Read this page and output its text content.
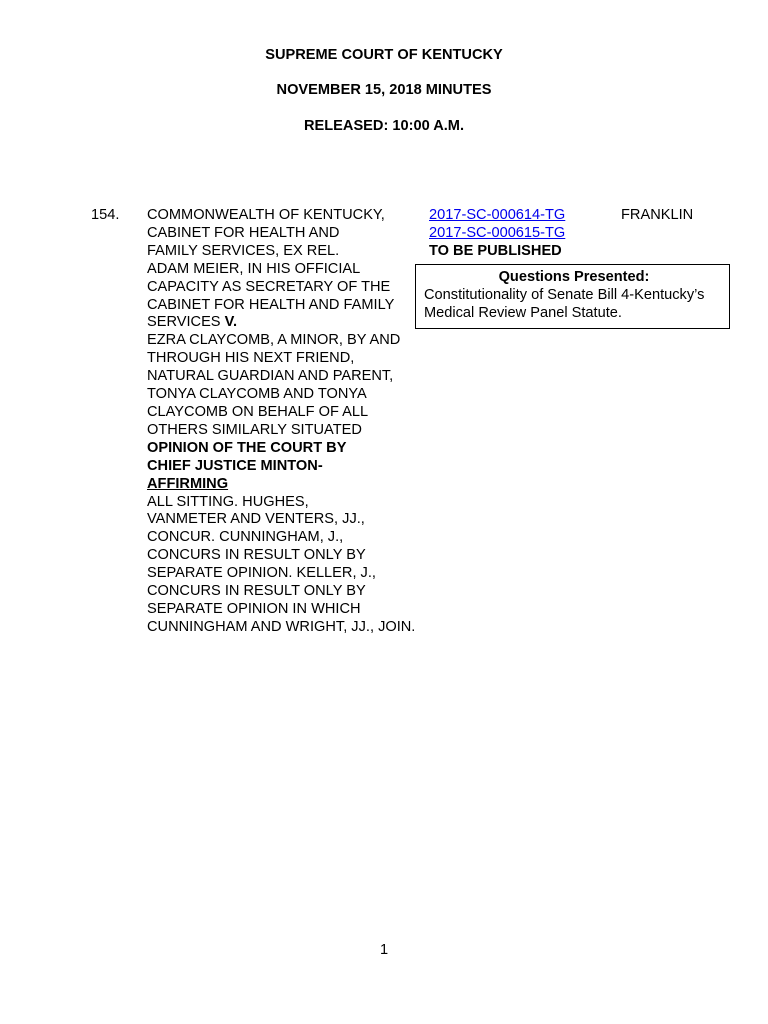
SUPREME COURT OF KENTUCKY
NOVEMBER 15, 2018 MINUTES
RELEASED: 10:00 A.M.
154. COMMONWEALTH OF KENTUCKY,
CABINET FOR HEALTH AND
FAMILY SERVICES, EX REL.
ADAM MEIER, IN HIS OFFICIAL
CAPACITY AS SECRETARY OF THE
CABINET FOR HEALTH AND FAMILY
SERVICES V.
EZRA CLAYCOMB, A MINOR, BY AND
THROUGH HIS NEXT FRIEND,
NATURAL GUARDIAN AND PARENT,
TONYA CLAYCOMB AND TONYA
CLAYCOMB ON BEHALF OF ALL
OTHERS SIMILARLY SITUATED
OPINION OF THE COURT BY
CHIEF JUSTICE MINTON-
AFFIRMING
ALL SITTING. HUGHES,
VANMETER AND VENTERS, JJ.,
CONCUR. CUNNINGHAM, J.,
CONCURS IN RESULT ONLY BY
SEPARATE OPINION. KELLER, J.,
CONCURS IN RESULT ONLY BY
SEPARATE OPINION IN WHICH
CUNNINGHAM AND WRIGHT, JJ., JOIN.
2017-SC-000614-TG
2017-SC-000615-TG
TO BE PUBLISHED
FRANKLIN
Questions Presented:
Constitutionality of Senate Bill 4-Kentucky’s
Medical Review Panel Statute.
1
